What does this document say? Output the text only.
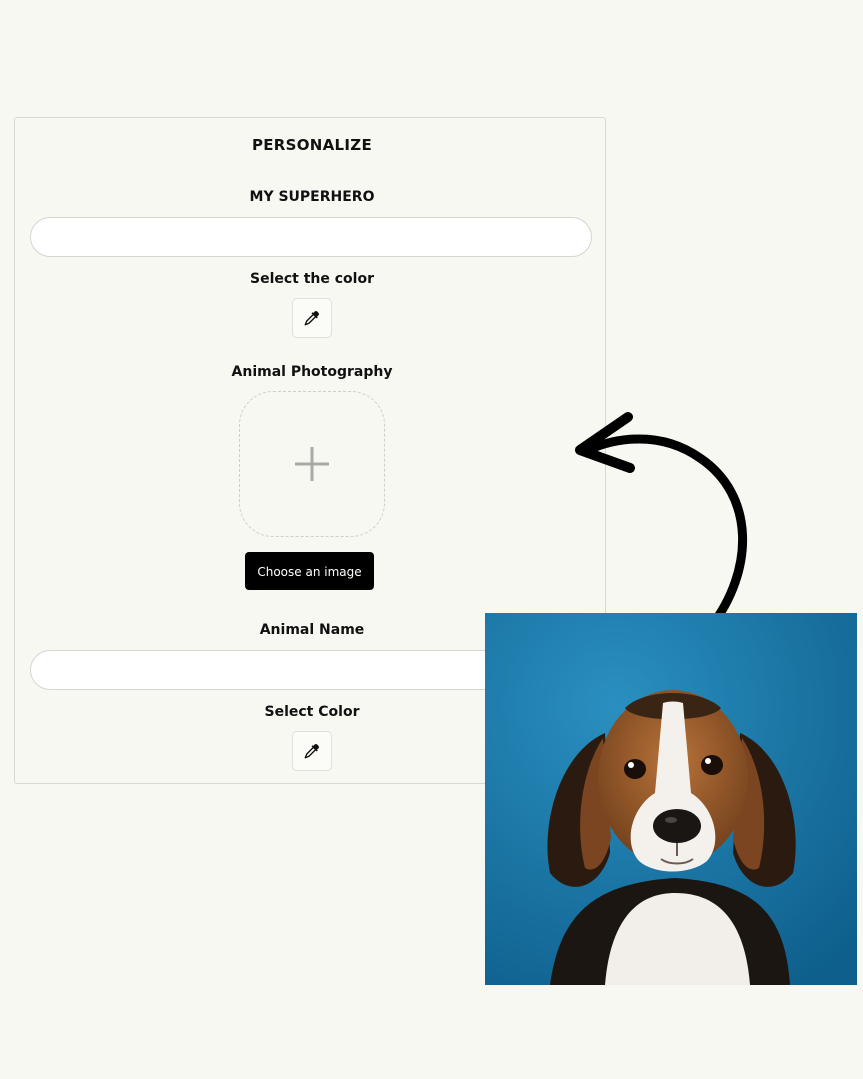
PERSONALIZE
MY SUPERHERO
Select the color
Animal Photography
Choose an image
Animal Name
Select Color
